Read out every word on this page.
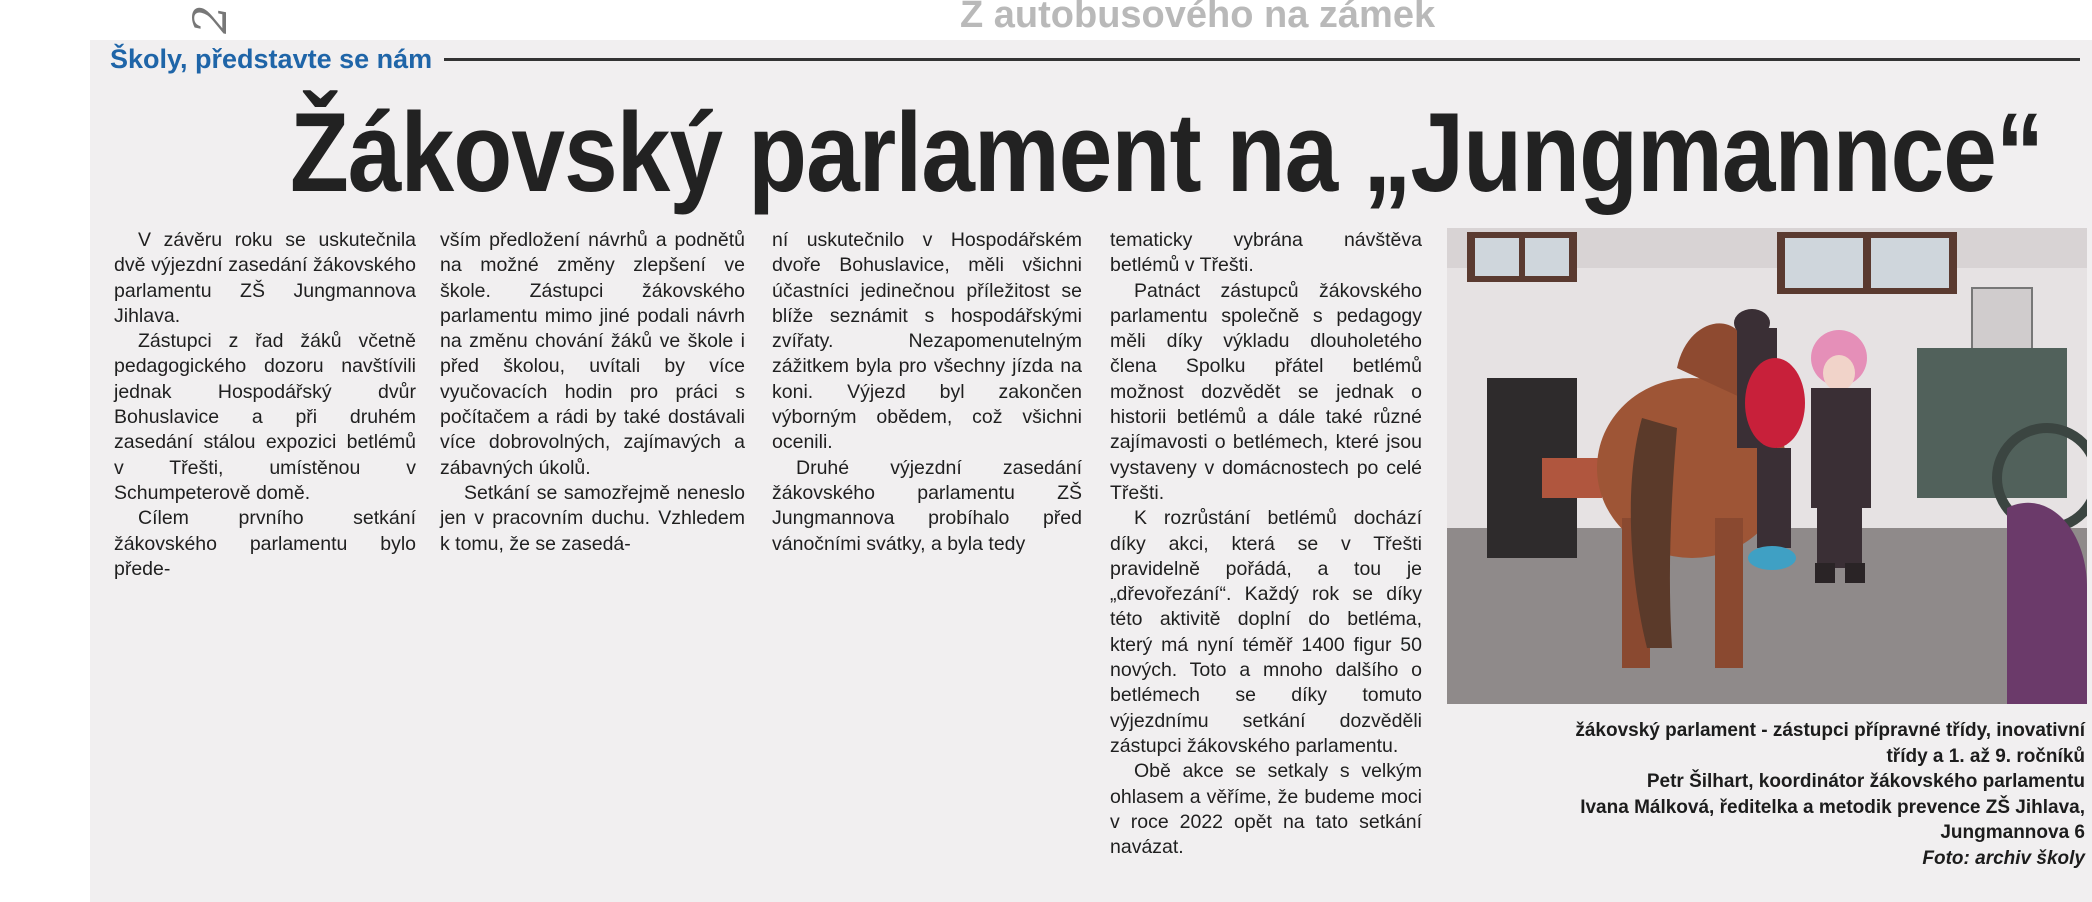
Z autobusového na zámek
Školy, představte se nám
Žákovský parlament na „Jungmannce“

V závěru roku se uskutečnila dvě výjezdní zasedání žákovského parlamentu ZŠ Jungmannova Jihlava.

Zástupci z řad žáků včetně pedagogického dozoru navštívili jednak Hospodářský dvůr Bohuslavice a při druhém zasedání stálou expozici betlémů v Třešti, umístěnou v Schumpeterově domě.

Cílem prvního setkání žákovského parlamentu bylo přede-

vším předložení návrhů a podnětů na možné změny zlepšení ve škole. Zástupci žákovského parlamentu mimo jiné podali návrh na změnu chování žáků ve škole i před školou, uvítali by více vyučovacích hodin pro práci s počítačem a rádi by také dostávali více dobrovolných, zajímavých a zábavných úkolů.

Setkání se samozřejmě neneslo jen v pracovním duchu. Vzhledem k tomu, že se zasedá-

ní uskutečnilo v Hospodářském dvoře Bohuslavice, měli všichni účastníci jedinečnou příležitost se blíže seznámit s hospodářskými zvířaty. Nezapomenutelným zážitkem byla pro všechny jízda na koni. Výjezd byl zakončen výborným obědem, což všichni ocenili.

Druhé výjezdní zasedání žákovského parlamentu ZŠ Jungmannova probíhalo před vánočními svátky, a byla tedy

tematicky vybrána návštěva betlémů v Třešti.

Patnáct zástupců žákovského parlamentu společně s pedagogy měli díky výkladu dlouholetého člena Spolku přátel betlémů možnost dozvědět se jednak o historii betlémů a dále také různé zajímavosti o betlémech, které jsou vystaveny v domácnostech po celé Třešti.

K rozrůstání betlémů dochází díky akci, která se v Třešti pravidelně pořádá, a tou je „dřevořezání“. Každý rok se díky této aktivitě doplní do betléma, který má nyní téměř 1400 figur 50 nových. Toto a mnoho dalšího o betlémech se díky tomuto výjezdnímu setkání dozvěděli zástupci žákovského parlamentu.

Obě akce se setkaly s velkým ohlasem a věříme, že budeme moci v roce 2022 opět na tato setkání navázat.

žákovský parlament - zástupci přípravné třídy, inovativní
třídy a 1. až 9. ročníků
Petr Šilhart, koordinátor žákovského parlamentu
Ivana Málková, ředitelka a metodik prevence ZŠ Jihlava,
Jungmannova 6
Foto: archiv školy
